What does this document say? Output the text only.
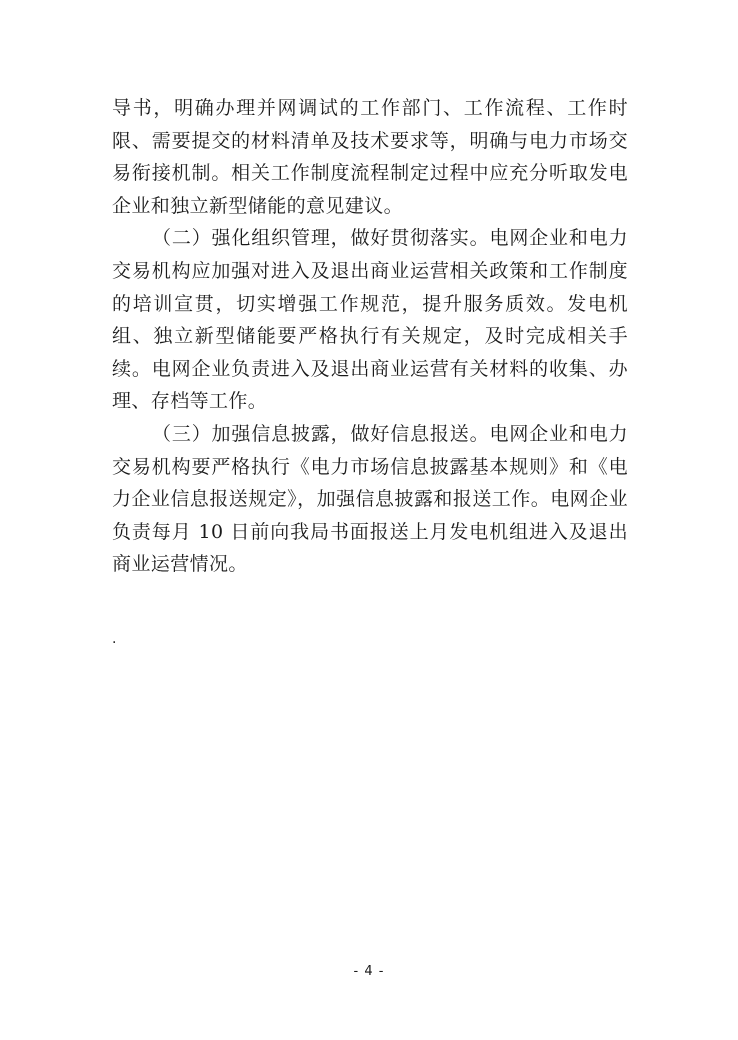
导书，明确办理并网调试的工作部门、工作流程、工作时限、需要提交的材料清单及技术要求等，明确与电力市场交易衔接机制。相关工作制度流程制定过程中应充分听取发电企业和独立新型储能的意见建议。

（二）强化组织管理，做好贯彻落实。电网企业和电力交易机构应加强对进入及退出商业运营相关政策和工作制度的培训宣贯，切实增强工作规范，提升服务质效。发电机组、独立新型储能要严格执行有关规定，及时完成相关手续。电网企业负责进入及退出商业运营有关材料的收集、办理、存档等工作。

（三）加强信息披露，做好信息报送。电网企业和电力交易机构要严格执行《电力市场信息披露基本规则》和《电力企业信息报送规定》，加强信息披露和报送工作。电网企业负责每月 10 日前向我局书面报送上月发电机组进入及退出商业运营情况。

·
- 4 -
